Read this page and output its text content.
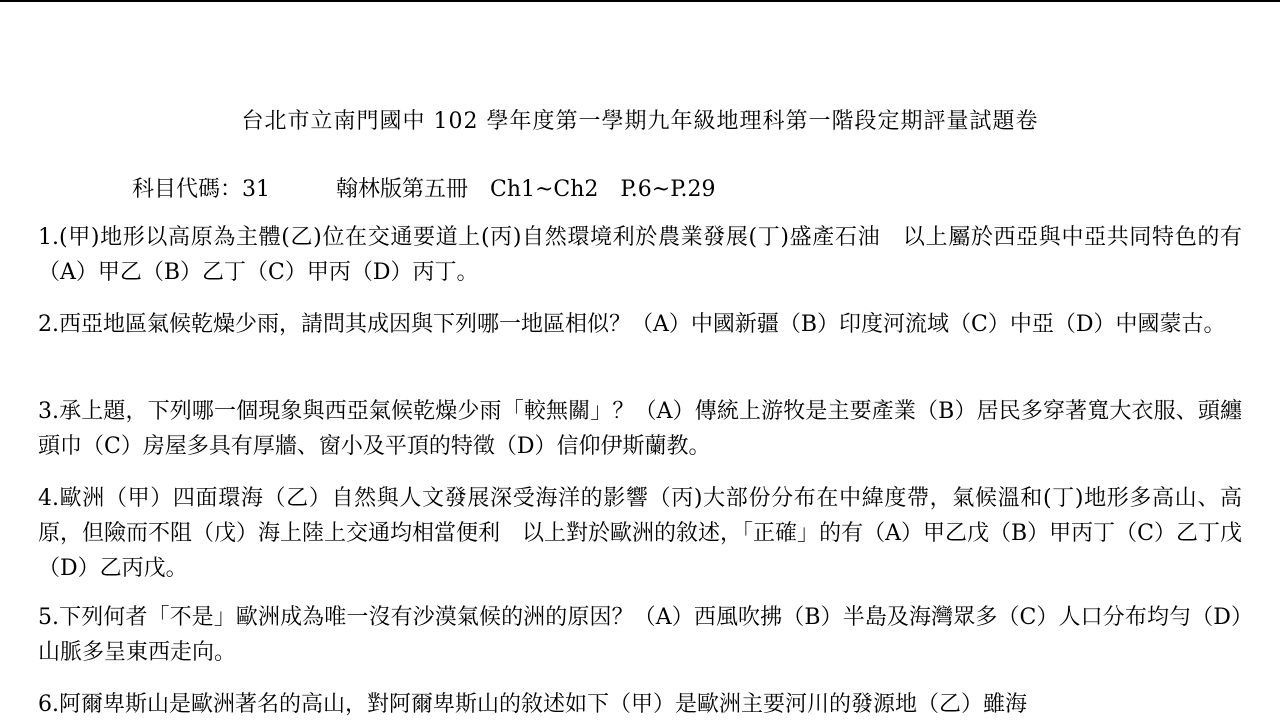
台北市立南門國中 102 學年度第一學期九年級地理科第一階段定期評量試題卷
科目代碼：31　　　翰林版第五冊　Ch1~Ch2　P.6~P.29
1.(甲)地形以高原為主體(乙)位在交通要道上(丙)自然環境利於農業發展(丁)盛產石油　以上屬於西亞與中亞共同特色的有（A）甲乙（B）乙丁（C）甲丙（D）丙丁。
2.西亞地區氣候乾燥少雨，請問其成因與下列哪一地區相似？（A）中國新疆（B）印度河流域（C）中亞（D）中國蒙古。
3.承上題，下列哪一個現象與西亞氣候乾燥少雨「較無關」？（A）傳統上游牧是主要產業（B）居民多穿著寬大衣服、頭纏頭巾（C）房屋多具有厚牆、窗小及平頂的特徵（D）信仰伊斯蘭教。
4.歐洲（甲）四面環海（乙）自然與人文發展深受海洋的影響（丙)大部份分布在中緯度帶，氣候溫和(丁)地形多高山、高原，但險而不阻（戊）海上陸上交通均相當便利　以上對於歐洲的敘述，「正確」的有（A）甲乙戊（B）甲丙丁（C）乙丁戊（D）乙丙戊。
5.下列何者「不是」歐洲成為唯一沒有沙漠氣候的洲的原因？（A）西風吹拂（B）半島及海灣眾多（C）人口分布均勻（D）山脈多呈東西走向。
6.阿爾卑斯山是歐洲著名的高山，對阿爾卑斯山的敘述如下（甲）是歐洲主要河川的發源地（乙）雖海
